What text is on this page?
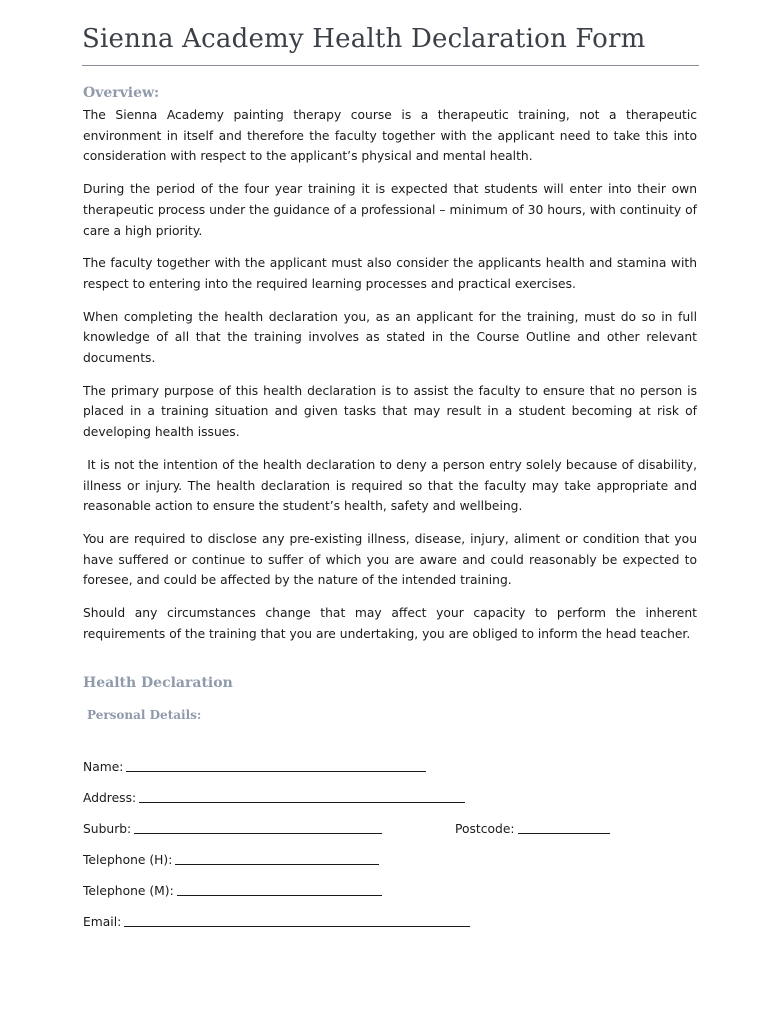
Sienna Academy Health Declaration Form
Overview:

The Sienna Academy painting therapy course is a therapeutic training, not a therapeutic environment in itself and therefore the faculty together with the applicant need to take this into consideration with respect to the applicant’s physical and mental health.

During the period of the four year training it is expected that students will enter into their own therapeutic process under the guidance of a professional – minimum of 30 hours, with continuity of care a high priority.

The faculty together with the applicant must also consider the applicants health and stamina with respect to entering into the required learning processes and practical exercises.

When completing the health declaration you, as an applicant for the training, must do so in full knowledge of all that the training involves as stated in the Course Outline and other relevant documents.

The primary purpose of this health declaration is to assist the faculty to ensure that no person is placed in a training situation and given tasks that may result in a student becoming at risk of developing health issues.

It is not the intention of the health declaration to deny a person entry solely because of disability, illness or injury. The health declaration is required so that the faculty may take appropriate and reasonable action to ensure the student’s health, safety and wellbeing.

You are required to disclose any pre-existing illness, disease, injury, aliment or condition that you have suffered or continue to suffer of which you are aware and could reasonably be expected to foresee, and could be affected by the nature of the intended training.

Should any circumstances change that may affect your capacity to perform the inherent requirements of the training that you are undertaking, you are obliged to inform the head teacher.

Health Declaration
Personal Details:
Name:
Address:
Suburb:	Postcode:
Telephone (H):
Telephone (M):
Email:
